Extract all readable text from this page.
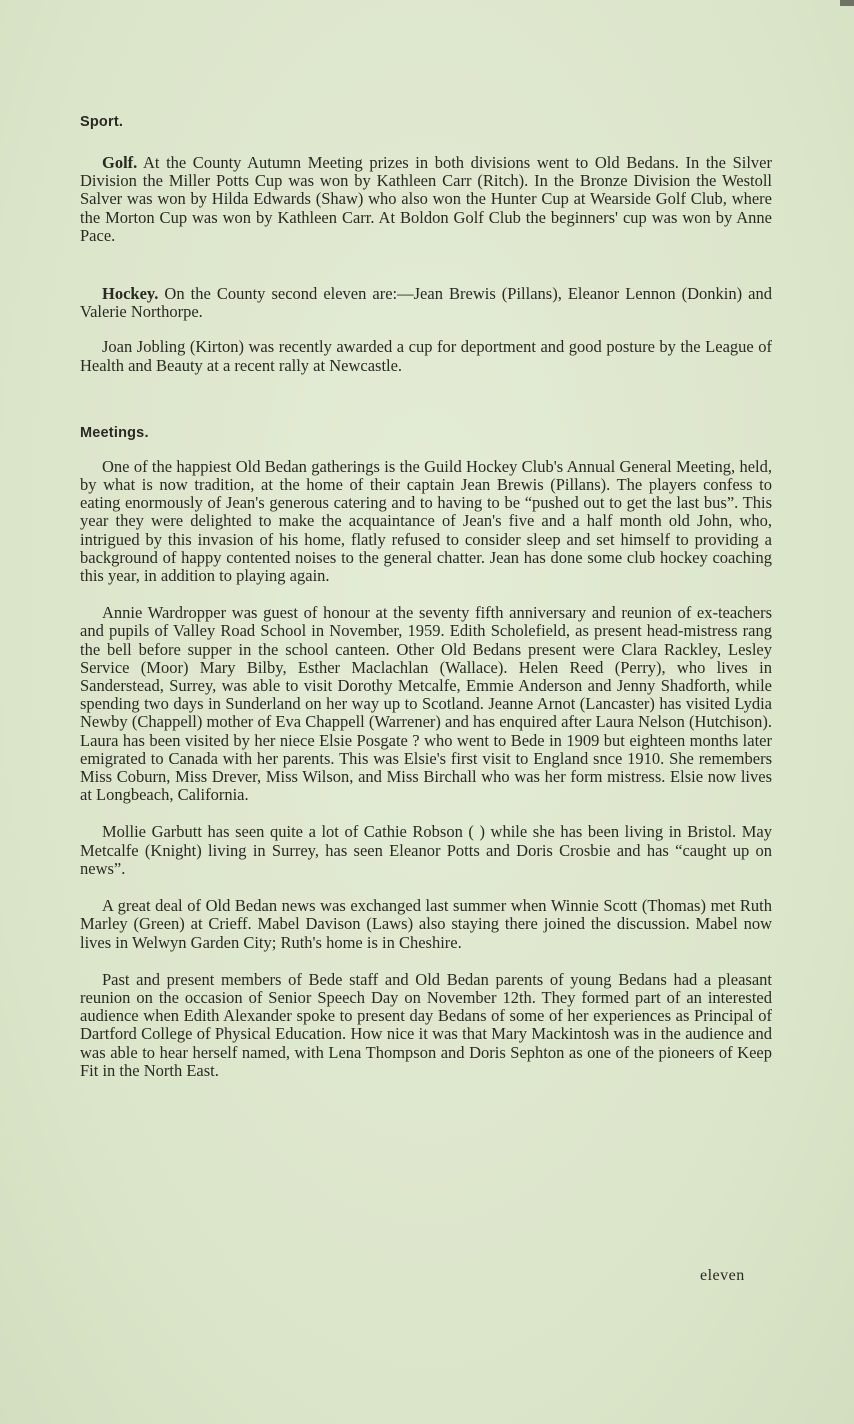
Sport.

Golf. At the County Autumn Meeting prizes in both divisions went to Old Bedans. In the Silver Division the Miller Potts Cup was won by Kathleen Carr (Ritch). In the Bronze Division the Westoll Salver was won by Hilda Edwards (Shaw) who also won the Hunter Cup at Wearside Golf Club, where the Morton Cup was won by Kathleen Carr. At Boldon Golf Club the beginners' cup was won by Anne Pace.

Hockey. On the County second eleven are:—Jean Brewis (Pillans), Eleanor Lennon (Donkin) and Valerie Northorpe.

Joan Jobling (Kirton) was recently awarded a cup for deportment and good posture by the League of Health and Beauty at a recent rally at Newcastle.

Meetings.

One of the happiest Old Bedan gatherings is the Guild Hockey Club's Annual General Meeting, held, by what is now tradition, at the home of their captain Jean Brewis (Pillans). The players confess to eating enormously of Jean's generous catering and to having to be “pushed out to get the last bus”. This year they were delighted to make the acquaintance of Jean's five and a half month old John, who, intrigued by this invasion of his home, flatly refused to consider sleep and set himself to providing a background of happy contented noises to the general chatter. Jean has done some club hockey coaching this year, in addition to playing again.

Annie Wardropper was guest of honour at the seventy fifth anniversary and reunion of ex-teachers and pupils of Valley Road School in November, 1959. Edith Scholefield, as present head-mistress rang the bell before supper in the school canteen. Other Old Bedans present were Clara Rackley, Lesley Service (Moor) Mary Bilby, Esther Maclachlan (Wallace). Helen Reed (Perry), who lives in Sanderstead, Surrey, was able to visit Dorothy Metcalfe, Emmie Anderson and Jenny Shadforth, while spending two days in Sunderland on her way up to Scotland. Jeanne Arnot (Lancaster) has visited Lydia Newby (Chappell) mother of Eva Chappell (Warrener) and has enquired after Laura Nelson (Hutchison). Laura has been visited by her niece Elsie Posgate ? who went to Bede in 1909 but eighteen months later emigrated to Canada with her parents. This was Elsie's first visit to England snce 1910. She remembers Miss Coburn, Miss Drever, Miss Wilson, and Miss Birchall who was her form mistress. Elsie now lives at Longbeach, California.

Mollie Garbutt has seen quite a lot of Cathie Robson ( ) while she has been living in Bristol. May Metcalfe (Knight) living in Surrey, has seen Eleanor Potts and Doris Crosbie and has “caught up on news”.

A great deal of Old Bedan news was exchanged last summer when Winnie Scott (Thomas) met Ruth Marley (Green) at Crieff. Mabel Davison (Laws) also staying there joined the discussion. Mabel now lives in Welwyn Garden City; Ruth's home is in Cheshire.

Past and present members of Bede staff and Old Bedan parents of young Bedans had a pleasant reunion on the occasion of Senior Speech Day on November 12th. They formed part of an interested audience when Edith Alexander spoke to present day Bedans of some of her experiences as Principal of Dartford College of Physical Education. How nice it was that Mary Mackintosh was in the audience and was able to hear herself named, with Lena Thompson and Doris Sephton as one of the pioneers of Keep Fit in the North East.

eleven
